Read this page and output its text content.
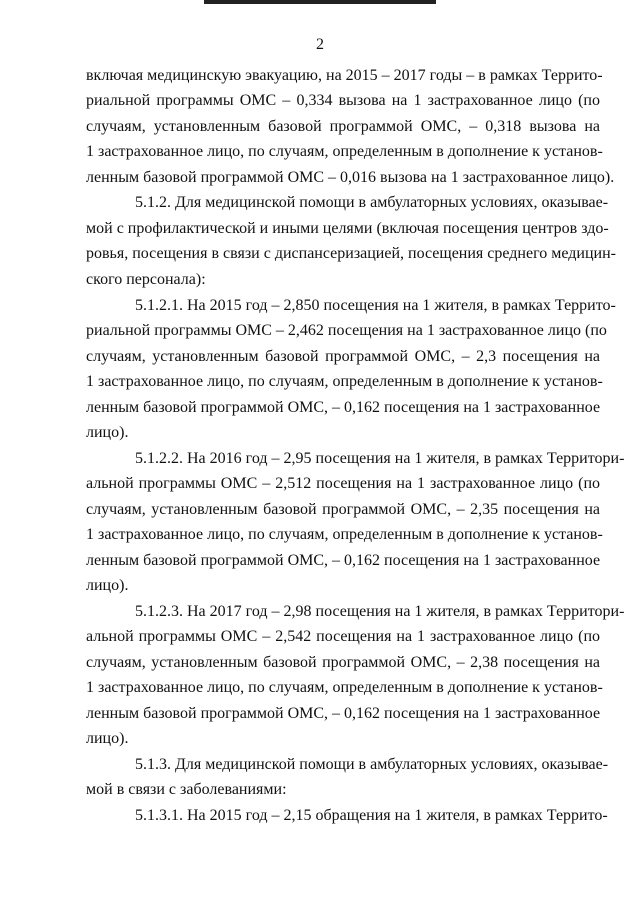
2
включая медицинскую эвакуацию, на 2015 – 2017 годы – в рамках Террито-
риальной программы ОМС – 0,334 вызова на 1 застрахованное лицо (по
случаям, установленным базовой программой ОМС, – 0,318 вызова на
1 застрахованное лицо, по случаям, определенным в дополнение к установ-
ленным базовой программой ОМС – 0,016 вызова на 1 застрахованное лицо).
5.1.2. Для медицинской помощи в амбулаторных условиях, оказывае-
мой с профилактической и иными целями (включая посещения центров здо-
ровья, посещения в связи с диспансеризацией, посещения среднего медицин-
ского персонала):
5.1.2.1. На 2015 год – 2,850 посещения на 1 жителя, в рамках Террито-
риальной программы ОМС – 2,462 посещения на 1 застрахованное лицо (по
случаям, установленным базовой программой ОМС, – 2,3 посещения на
1 застрахованное лицо, по случаям, определенным в дополнение к установ-
ленным базовой программой ОМС, – 0,162 посещения на 1 застрахованное
лицо).
5.1.2.2. На 2016 год – 2,95 посещения на 1 жителя, в рамках Территори-
альной программы ОМС – 2,512 посещения на 1 застрахованное лицо (по
случаям, установленным базовой программой ОМС, – 2,35 посещения на
1 застрахованное лицо, по случаям, определенным в дополнение к установ-
ленным базовой программой ОМС, – 0,162 посещения на 1 застрахованное
лицо).
5.1.2.3. На 2017 год – 2,98 посещения на 1 жителя, в рамках Территори-
альной программы ОМС – 2,542 посещения на 1 застрахованное лицо (по
случаям, установленным базовой программой ОМС, – 2,38 посещения на
1 застрахованное лицо, по случаям, определенным в дополнение к установ-
ленным базовой программой ОМС, – 0,162 посещения на 1 застрахованное
лицо).
5.1.3. Для медицинской помощи в амбулаторных условиях, оказывае-
мой в связи с заболеваниями:
5.1.3.1. На 2015 год – 2,15 обращения на 1 жителя, в рамках Террито-
